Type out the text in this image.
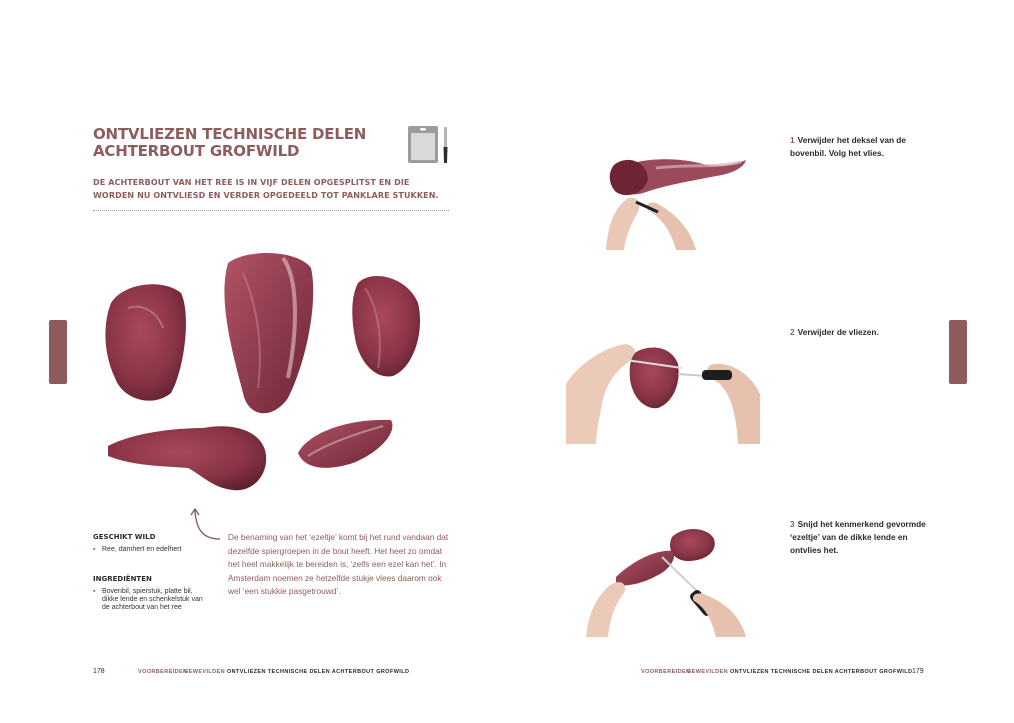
ONTVLIEZEN TECHNISCHE DELEN ACHTERBOUT GROFWILD

DE ACHTERBOUT VAN HET REE IS IN VIJF DELEN OPGESPLITST EN DIE WORDEN NU ONTVLIESD EN VERDER OPGEDEELD TOT PANKLARE STUKKEN.

GESCHIKT WILD
▪ Ree, damhert en edelhert
INGREDIËNTEN
▪ Bovenbil, spierstuk, platte bil, dikke lende en schenkelstuk van de achterbout van het ree

De benaming van het ‘ezeltje’ komt bij het rund vandaan dat dezelfde spiergroepen in de bout heeft. Het heet zo omdat het heel makkelijk te bereiden is, ‘zelfs een ezel kan het’. In Amsterdam noemen ze hetzelfde stukje vlees daarom ook wel ‘een stukkie pasgetrouwd’.

178	VOORBEREIDEN
GEWEVILDEN ONTVLIEZEN TECHNISCHE DELEN ACHTERBOUT GROFWILD

1 Verwijder het deksel van de bovenbil. Volg het vlies.

2 Verwijder de vliezen.

3 Snijd het kenmerkend gevormde ‘ezeltje’ van de dikke lende en ontvlies het.

VOORBEREIDEN
GEWEVILDEN ONTVLIEZEN TECHNISCHE DELEN ACHTERBOUT GROFWILD 179
